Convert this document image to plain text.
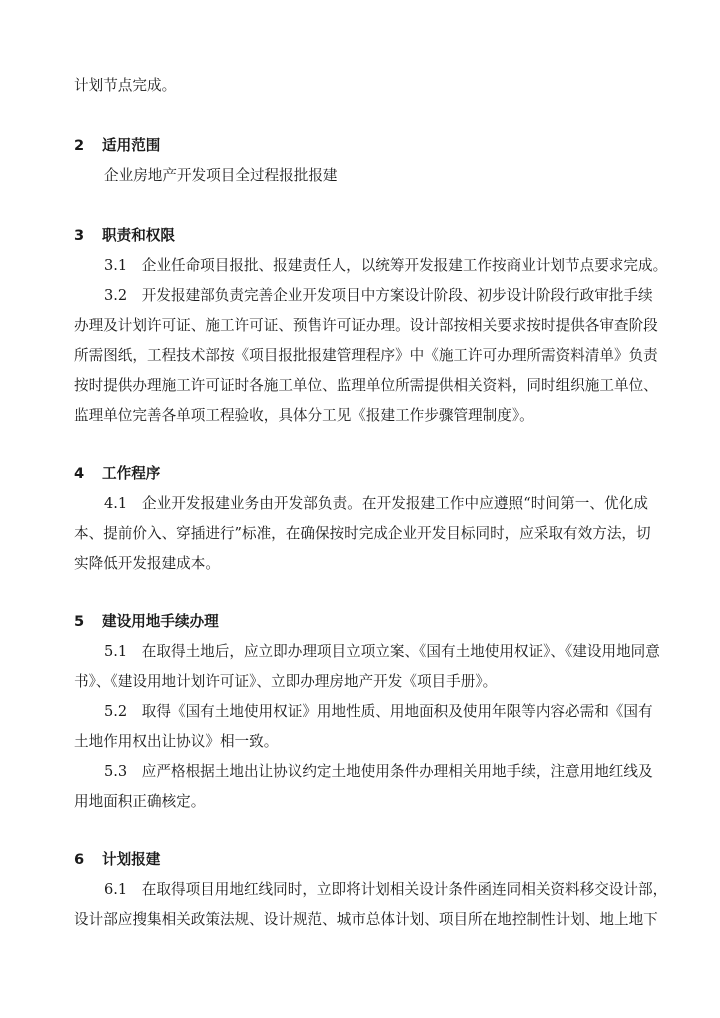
计划节点完成。
2 适用范围
企业房地产开发项目全过程报批报建
3 职责和权限
3.1　企业任命项目报批、报建责任人，以统筹开发报建工作按商业计划节点要求完成。
3.2　开发报建部负责完善企业开发项目中方案设计阶段、初步设计阶段行政审批手续
办理及计划许可证、施工许可证、预售许可证办理。设计部按相关要求按时提供各审查阶段
所需图纸，工程技术部按《项目报批报建管理程序》中《施工许可办理所需资料清单》负责
按时提供办理施工许可证时各施工单位、监理单位所需提供相关资料，同时组织施工单位、
监理单位完善各单项工程验收，具体分工见《报建工作步骤管理制度》。
4 工作程序
4.1　企业开发报建业务由开发部负责。在开发报建工作中应遵照“时间第一、优化成
本、提前价入、穿插进行”标准，在确保按时完成企业开发目标同时，应采取有效方法，切
实降低开发报建成本。
5 建设用地手续办理
5.1　在取得土地后，应立即办理项目立项立案、《国有土地使用权证》、《建设用地同意
书》、《建设用地计划许可证》、立即办理房地产开发《项目手册》。
5.2　取得《国有土地使用权证》用地性质、用地面积及使用年限等内容必需和《国有
土地作用权出让协议》相一致。
5.3　应严格根据土地出让协议约定土地使用条件办理相关用地手续，注意用地红线及
用地面积正确核定。
6 计划报建
6.1　在取得项目用地红线同时，立即将计划相关设计条件函连同相关资料移交设计部，
设计部应搜集相关政策法规、设计规范、城市总体计划、项目所在地控制性计划、地上地下
